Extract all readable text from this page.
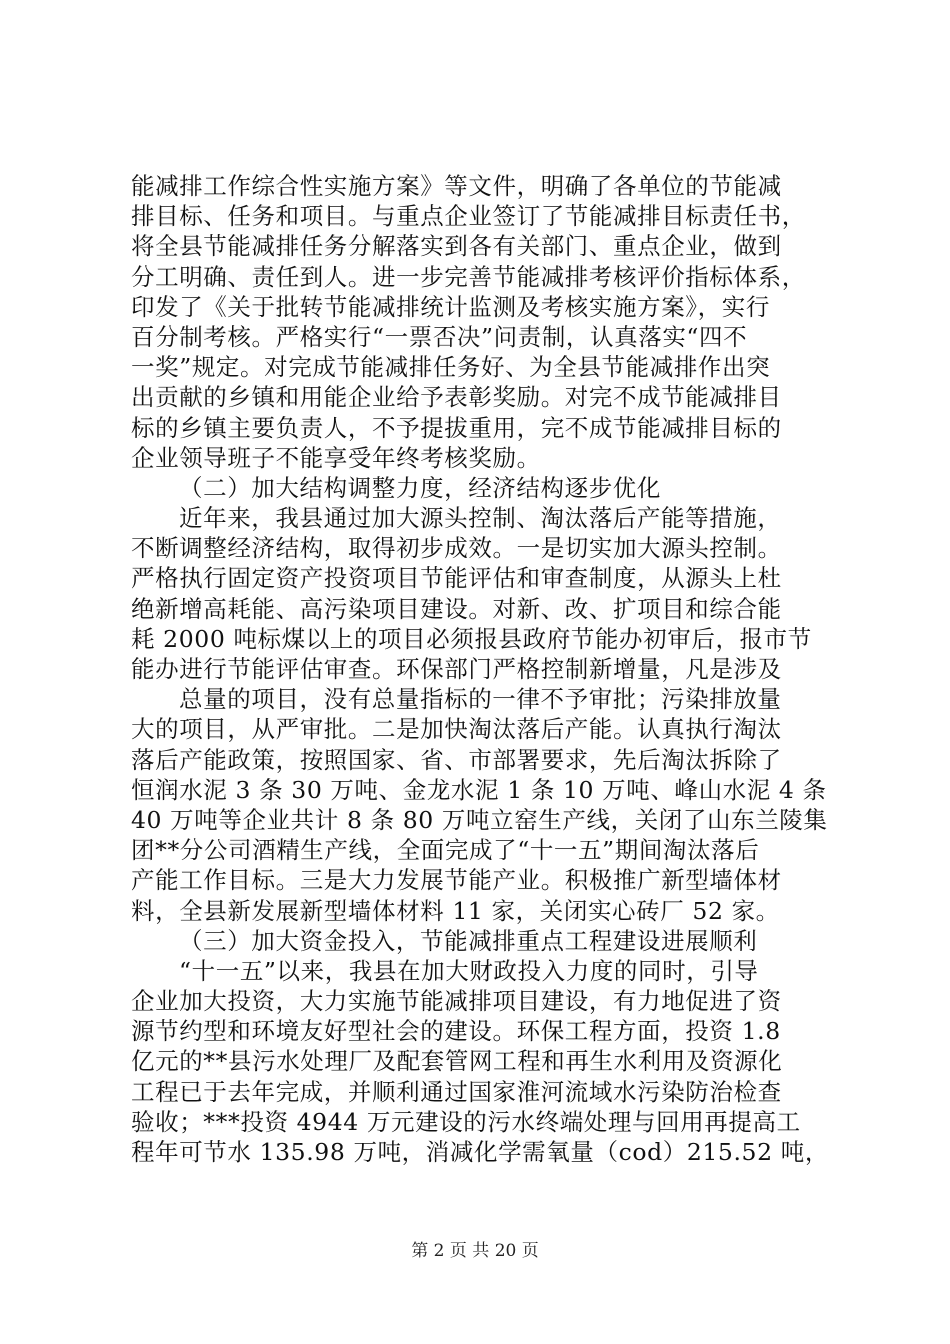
能减排工作综合性实施方案》等文件，明确了各单位的节能减
排目标、任务和项目。与重点企业签订了节能减排目标责任书，
将全县节能减排任务分解落实到各有关部门、重点企业，做到
分工明确、责任到人。进一步完善节能减排考核评价指标体系，
印发了《关于批转节能减排统计监测及考核实施方案》，实行
百分制考核。严格实行“一票否决”问责制，认真落实“四不
一奖”规定。对完成节能减排任务好、为全县节能减排作出突
出贡献的乡镇和用能企业给予表彰奖励。对完不成节能减排目
标的乡镇主要负责人，不予提拔重用，完不成节能减排目标的
企业领导班子不能享受年终考核奖励。
（二）加大结构调整力度，经济结构逐步优化
近年来，我县通过加大源头控制、淘汰落后产能等措施，
不断调整经济结构，取得初步成效。一是切实加大源头控制。
严格执行固定资产投资项目节能评估和审查制度，从源头上杜
绝新增高耗能、高污染项目建设。对新、改、扩项目和综合能
耗 2000 吨标煤以上的项目必须报县政府节能办初审后，报市节
能办进行节能评估审查。环保部门严格控制新增量，凡是涉及
总量的项目，没有总量指标的一律不予审批；污染排放量
大的项目，从严审批。二是加快淘汰落后产能。认真执行淘汰
落后产能政策，按照国家、省、市部署要求，先后淘汰拆除了
恒润水泥 3 条 30 万吨、金龙水泥 1 条 10 万吨、峰山水泥 4 条
40 万吨等企业共计 8 条 80 万吨立窑生产线，关闭了山东兰陵集
团**分公司酒精生产线，全面完成了“十一五”期间淘汰落后
产能工作目标。三是大力发展节能产业。积极推广新型墙体材
料，全县新发展新型墙体材料 11 家，关闭实心砖厂 52 家。
（三）加大资金投入，节能减排重点工程建设进展顺利
“十一五”以来，我县在加大财政投入力度的同时，引导
企业加大投资，大力实施节能减排项目建设，有力地促进了资
源节约型和环境友好型社会的建设。环保工程方面，投资 1.8
亿元的**县污水处理厂及配套管网工程和再生水利用及资源化
工程已于去年完成，并顺利通过国家淮河流域水污染防治检查
验收；***投资 4944 万元建设的污水终端处理与回用再提高工
程年可节水 135.98 万吨，消减化学需氧量（cod）215.52 吨，
第 2 页 共 20 页
